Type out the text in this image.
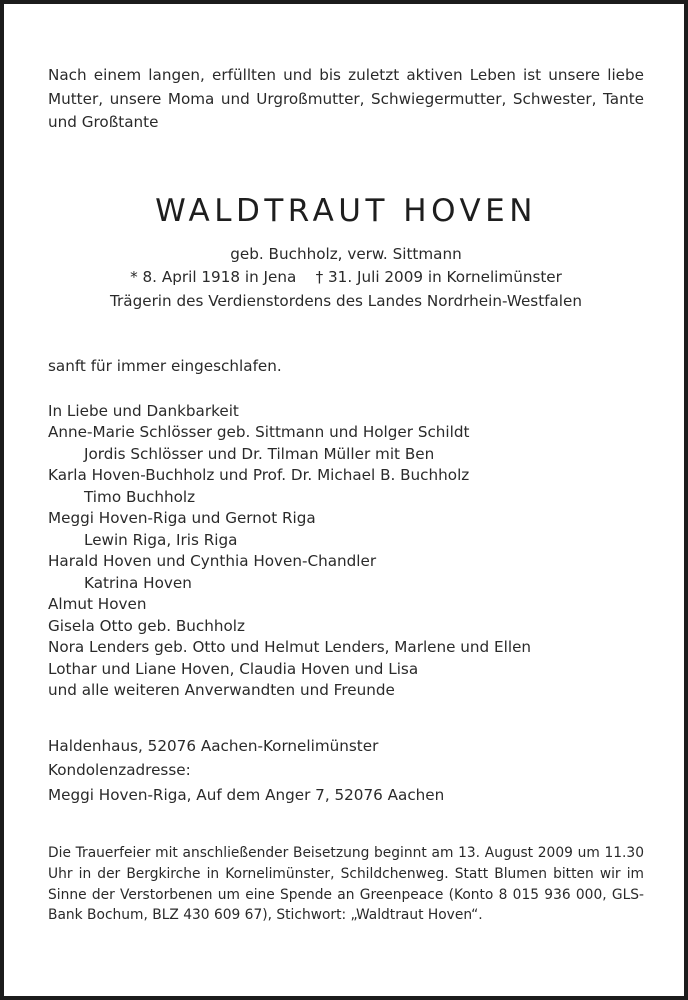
Nach einem langen, erfüllten und bis zuletzt aktiven Leben ist unsere liebe Mutter, unsere Moma und Urgroßmutter, Schwiegermutter, Schwester, Tante und Großtante

WALDTRAUT HOVEN

geb. Buchholz, verw. Sittmann

* 8. April 1918 in Jena † 31. Juli 2009 in Kornelimünster

Trägerin des Verdienstordens des Landes Nordrhein-Westfalen

sanft für immer eingeschlafen.

In Liebe und Dankbarkeit

Anne-Marie Schlösser geb. Sittmann und Holger Schildt
Jordis Schlösser und Dr. Tilman Müller mit Ben
Karla Hoven-Buchholz und Prof. Dr. Michael B. Buchholz
Timo Buchholz
Meggi Hoven-Riga und Gernot Riga
Lewin Riga, Iris Riga
Harald Hoven und Cynthia Hoven-Chandler
Katrina Hoven
Almut Hoven
Gisela Otto geb. Buchholz
Nora Lenders geb. Otto und Helmut Lenders, Marlene und Ellen
Lothar und Liane Hoven, Claudia Hoven und Lisa
und alle weiteren Anverwandten und Freunde

Haldenhaus, 52076 Aachen-Kornelimünster

Kondolenzadresse:

Meggi Hoven-Riga, Auf dem Anger 7, 52076 Aachen

Die Trauerfeier mit anschließender Beisetzung beginnt am 13. August 2009 um 11.30 Uhr in der Bergkirche in Kornelimünster, Schildchenweg. Statt Blumen bitten wir im Sinne der Verstorbenen um eine Spende an Greenpeace (Konto 8 015 936 000, GLS-Bank Bochum, BLZ 430 609 67), Stichwort: „Waldtraut Hoven“.
